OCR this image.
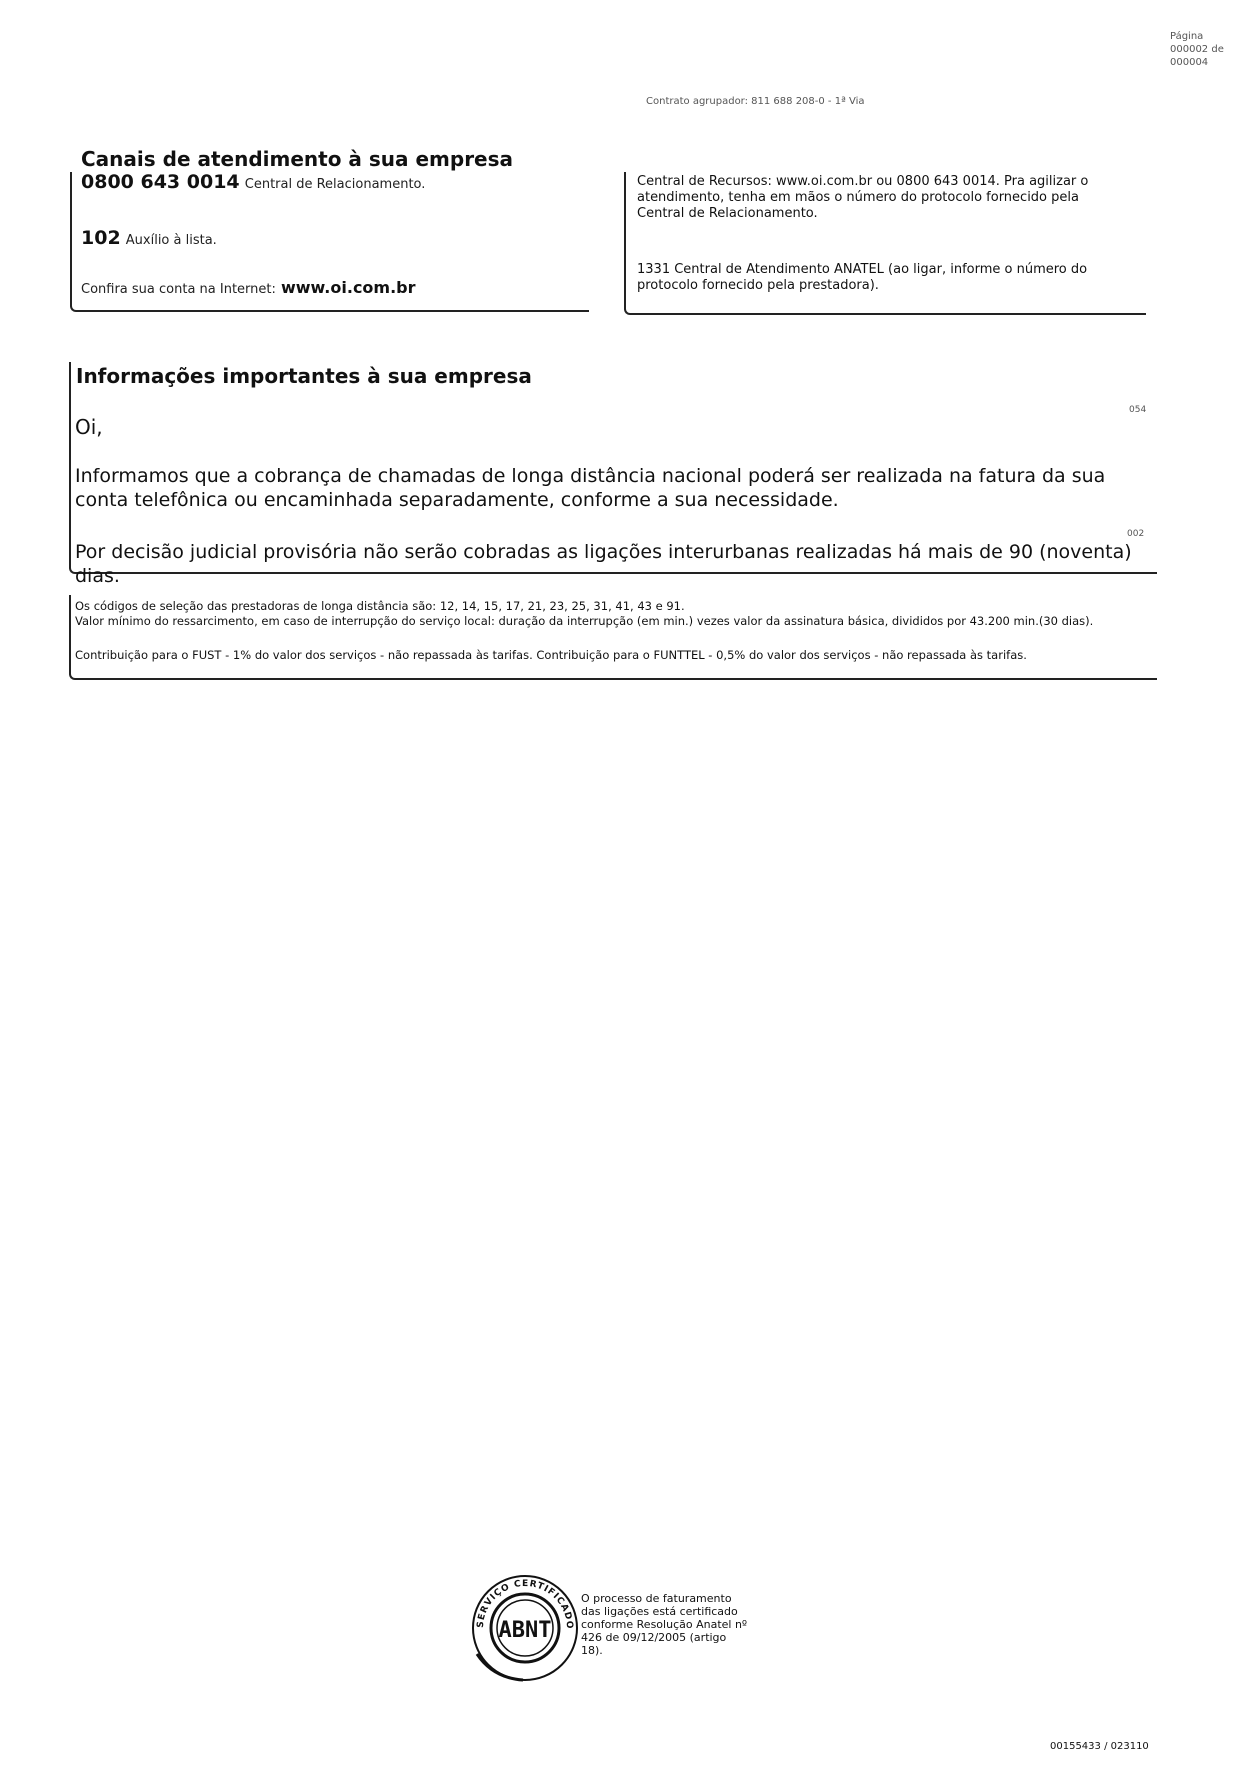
Página
000002 de
000004
Contrato agrupador: 811 688 208-0 - 1ª Via
Canais de atendimento à sua empresa
0800 643 0014 Central de Relacionamento.
102 Auxílio à lista.
Confira sua conta na Internet: www.oi.com.br
Central de Recursos: www.oi.com.br ou 0800 643 0014. Pra agilizar o atendimento, tenha em mãos o número do protocolo fornecido pela Central de Relacionamento.
1331 Central de Atendimento ANATEL (ao ligar, informe o número do protocolo fornecido pela prestadora).
Informações importantes à sua empresa
054
Oi,
Informamos que a cobrança de chamadas de longa distância nacional poderá ser realizada na fatura da sua conta telefônica ou encaminhada separadamente, conforme a sua necessidade.
002
Por decisão judicial provisória não serão cobradas as ligações interurbanas realizadas há mais de 90 (noventa) dias.
Os códigos de seleção das prestadoras de longa distância são: 12, 14, 15, 17, 21, 23, 25, 31, 41, 43 e 91.
Valor mínimo do ressarcimento, em caso de interrupção do serviço local: duração da interrupção (em min.) vezes valor da assinatura básica, divididos por 43.200 min.(30 dias).
Contribuição para o FUST - 1% do valor dos serviços - não repassada às tarifas. Contribuição para o FUNTTEL - 0,5% do valor dos serviços - não repassada às tarifas.
SERVIÇO CERTIFICADO
ABNT
O processo de faturamento das ligações está certificado conforme Resolução Anatel nº 426 de 09/12/2005 (artigo 18).
00155433 / 023110
